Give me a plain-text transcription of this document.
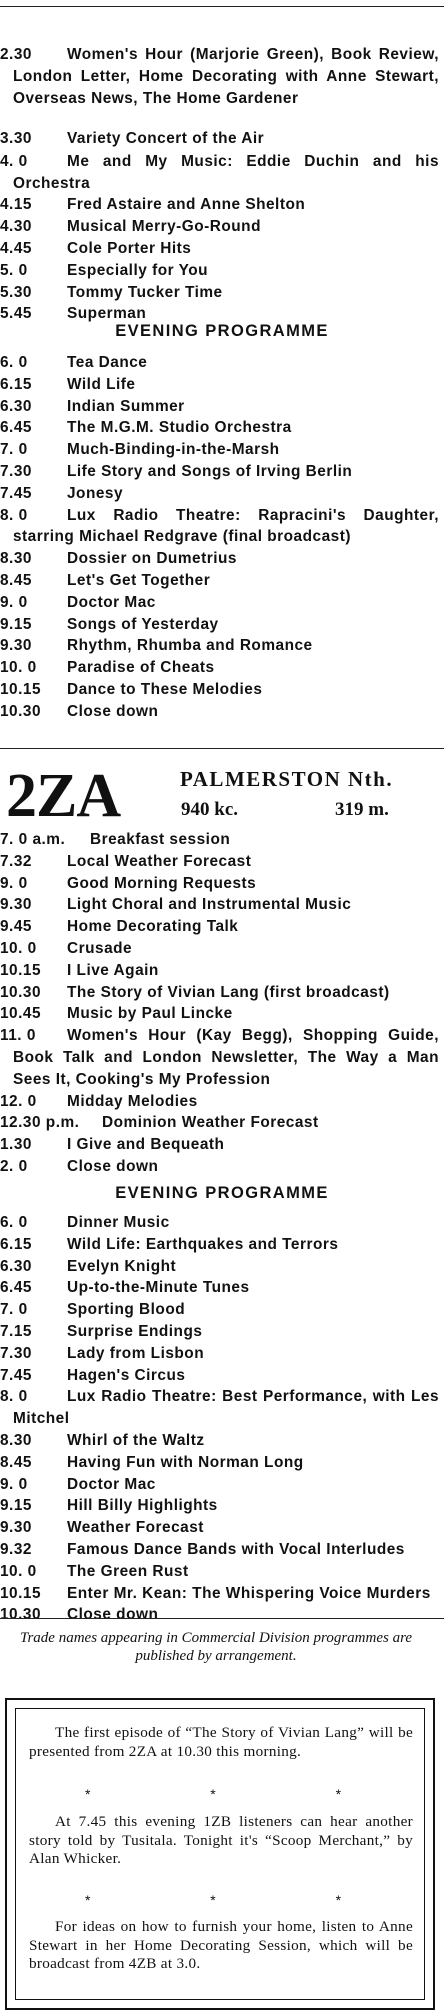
2.30 Women's Hour (Marjorie Green), Book Review, London Letter, Home Decorating with Anne Stewart, Overseas News, The Home Gardener
3.30 Variety Concert of the Air
4. 0	Me and My Music: Eddie Duchin and his Orchestra
4.15 Fred Astaire and Anne Shelton
4.30 Musical Merry-Go-Round
4.45 Cole Porter Hits
5. 0	Especially for You
5.30 Tommy Tucker Time
5.45 Superman
EVENING PROGRAMME
6. 0	Tea Dance
6.15 Wild Life
6.30 Indian Summer
6.45 The M.G.M. Studio Orchestra
7. 0	Much-Binding-in-the-Marsh
7.30 Life Story and Songs of Irving Berlin
7.45 Jonesy
8. 0	Lux Radio Theatre: Rapracini's Daughter, starring Michael Redgrave (final broadcast)
8.30 Dossier on Dumetrius
8.45 Let's Get Together
9. 0	Doctor Mac
9.15 Songs of Yesterday
9.30 Rhythm, Rhumba and Romance
10. 0 Paradise of Cheats
10.15 Dance to These Melodies
10.30 Close down
2ZA	PALMERSTON Nth.
940 kc.	319 m.
7. 0 a.m. Breakfast session
7.32 Local Weather Forecast
9. 0	Good Morning Requests
9.30 Light Choral and Instrumental Music
9.45 Home Decorating Talk
10. 0 Crusade
10.15 I Live Again
10.30 The Story of Vivian Lang (first broadcast)
10.45 Music by Paul Lincke
11. 0 Women's Hour (Kay Begg), Shopping Guide, Book Talk and London Newsletter, The Way a Man Sees It, Cooking's My Profession
12. 0 Midday Melodies
12.30 p.m. Dominion Weather Forecast
1.30 I Give and Bequeath
2. 0	Close down
EVENING PROGRAMME
6. 0	Dinner Music
6.15 Wild Life: Earthquakes and Terrors
6.30 Evelyn Knight
6.45 Up-to-the-Minute Tunes
7. 0	Sporting Blood
7.15 Surprise Endings
7.30 Lady from Lisbon
7.45 Hagen's Circus
8. 0	Lux Radio Theatre: Best Performance, with Les Mitchel
8.30 Whirl of the Waltz
8.45 Having Fun with Norman Long
9. 0	Doctor Mac
9.15 Hill Billy Highlights
9.30 Weather Forecast
9.32 Famous Dance Bands with Vocal Interludes
10. 0 The Green Rust
10.15 Enter Mr. Kean: The Whispering Voice Murders
10.30 Close down
Trade names appearing in Commercial Division programmes are published by arrangement.
The first episode of “The Story of Vivian Lang” will be presented from 2ZA at 10.30 this morning.
* * *
At 7.45 this evening 1ZB listeners can hear another story told by Tusitala. Tonight it's “Scoop Merchant,” by Alan Whicker.
* * *
For ideas on how to furnish your home, listen to Anne Stewart in her Home Decorating Session, which will be broadcast from 4ZB at 3.0.
